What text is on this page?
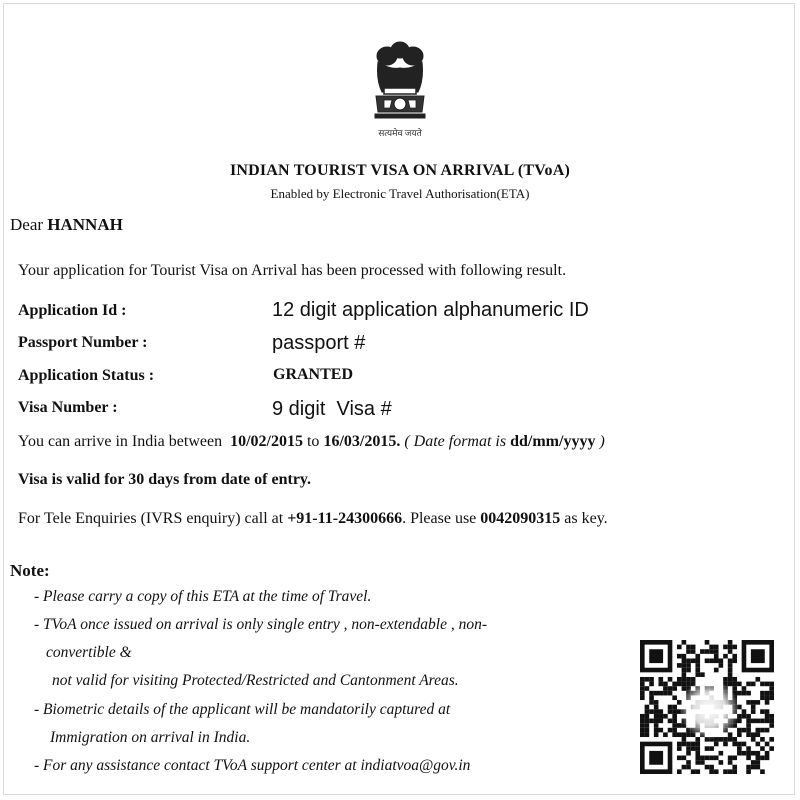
सत्यमेव जयते
INDIAN TOURIST VISA ON ARRIVAL (TVoA)
Enabled by Electronic Travel Authorisation(ETA)
Dear HANNAH
Your application for Tourist Visa on Arrival has been processed with following result.
Application Id :	12 digit application alphanumeric ID
Passport Number :	passport #
Application Status :	GRANTED
Visa Number :	9 digit  Visa #
You can arrive in India between 10/02/2015 to 16/03/2015. ( Date format is dd/mm/yyyy )
Visa is valid for 30 days from date of entry.
For Tele Enquiries (IVRS enquiry) call at +91-11-24300666. Please use 0042090315 as key.
Note:
- Please carry a copy of this ETA at the time of Travel.
- TVoA once issued on arrival is only single entry , non-extendable , non-
convertible &
not valid for visiting Protected/Restricted and Cantonment Areas.
- Biometric details of the applicant will be mandatorily captured at
Immigration on arrival in India.
- For any assistance contact TVoA support center at indiatvoa@gov.in
